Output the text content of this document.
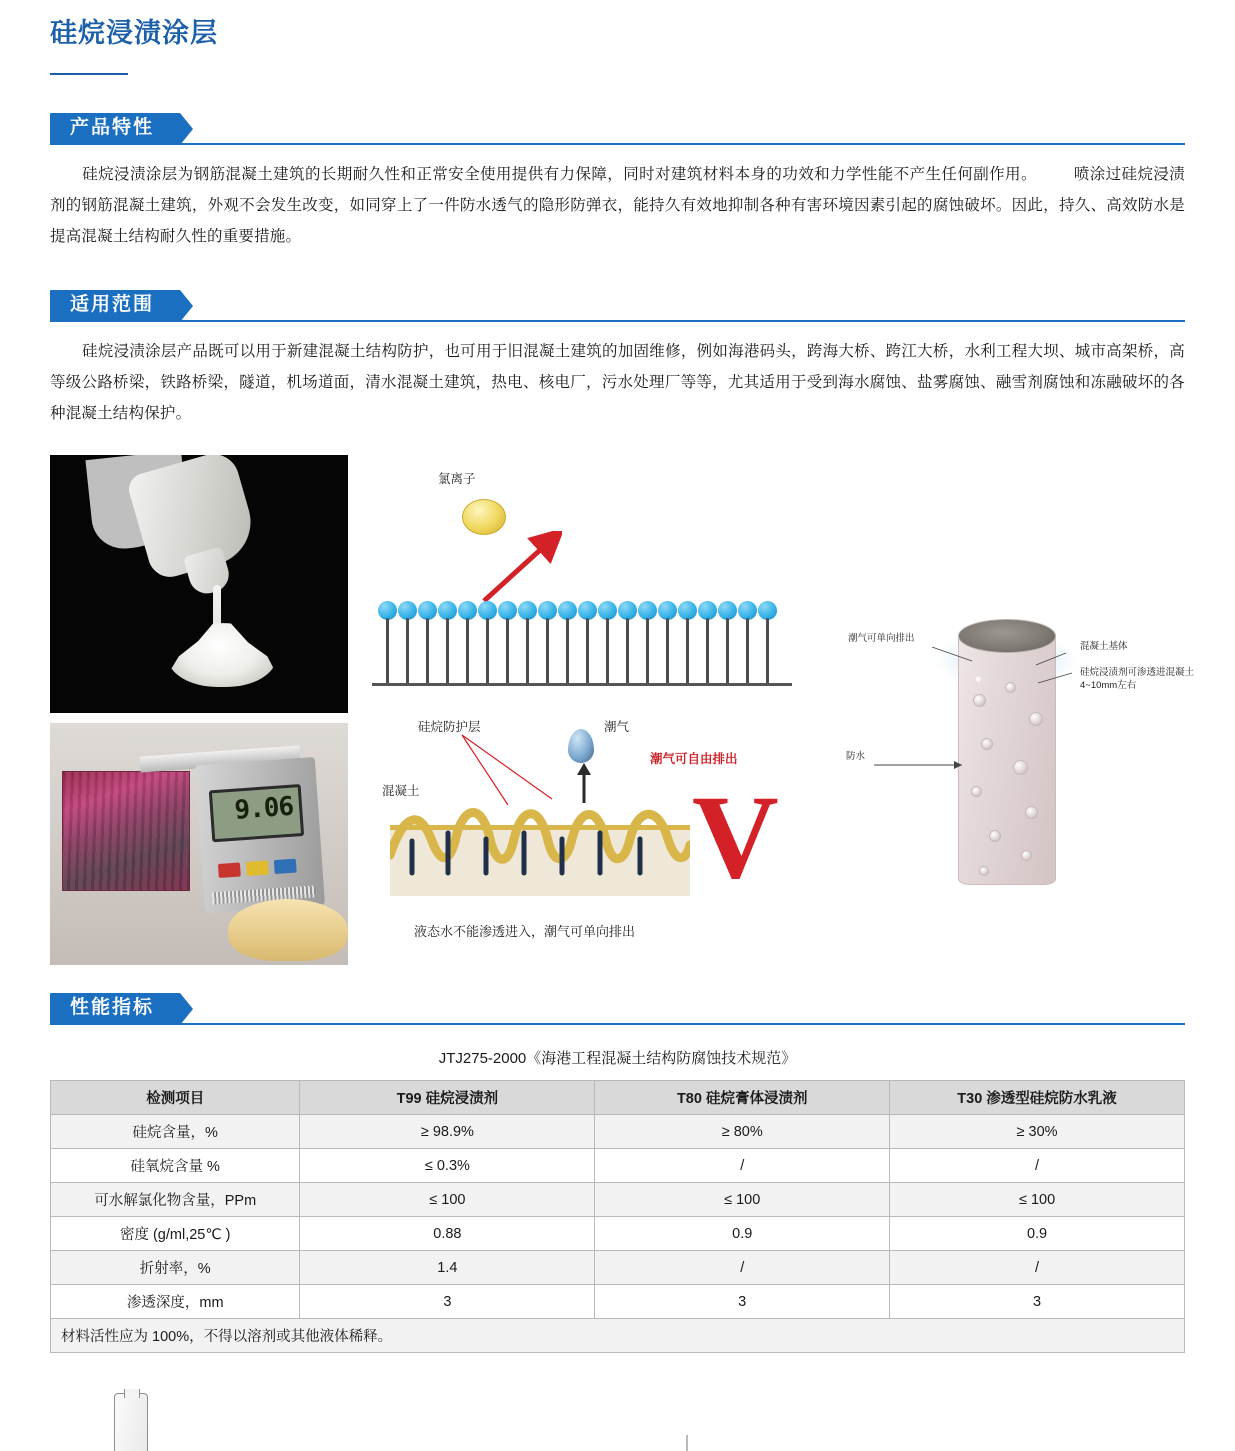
硅烷浸渍涂层
产品特性
硅烷浸渍涂层为钢筋混凝土建筑的长期耐久性和正常安全使用提供有力保障，同时对建筑材料本身的功效和力学性能不产生任何副作用。 喷涂过硅烷浸渍剂的钢筋混凝土建筑，外观不会发生改变，如同穿上了一件防水透气的隐形防弹衣，能持久有效地抑制各种有害环境因素引起的腐蚀破坏。因此，持久、高效防水是提高混凝土结构耐久性的重要措施。
适用范围
硅烷浸渍涂层产品既可以用于新建混凝土结构防护，也可用于旧混凝土建筑的加固维修，例如海港码头，跨海大桥、跨江大桥，水利工程大坝、城市高架桥，高等级公路桥梁，铁路桥梁，隧道，机场道面，清水混凝土建筑，热电、核电厂，污水处理厂等等，尤其适用于受到海水腐蚀、盐雾腐蚀、融雪剂腐蚀和冻融破坏的各种混凝土结构保护。
9.06
氯离子
硅烷防护层
混凝土
潮气
潮气可自由排出
V
液态水不能渗透进入，潮气可单向排出
潮气可单向排出
防水
混凝土基体
硅烷浸渍剂可渗透进混凝土4~10mm左右
性能指标
JTJ275-2000《海港工程混凝土结构防腐蚀技术规范》
检测项目	T99 硅烷浸渍剂	T80 硅烷膏体浸渍剂	T30 渗透型硅烷防水乳液
硅烷含量，%	≥ 98.9%	≥ 80%	≥ 30%
硅氧烷含量 %	≤ 0.3%	/	/
可水解氯化物含量，PPm	≤ 100	≤ 100	≤ 100
密度 (g/ml,25℃ )	0.88	0.9	0.9
折射率，%	1.4	/	/
渗透深度，mm	3	3	3
材料活性应为 100%，不得以溶剂或其他液体稀释。			
